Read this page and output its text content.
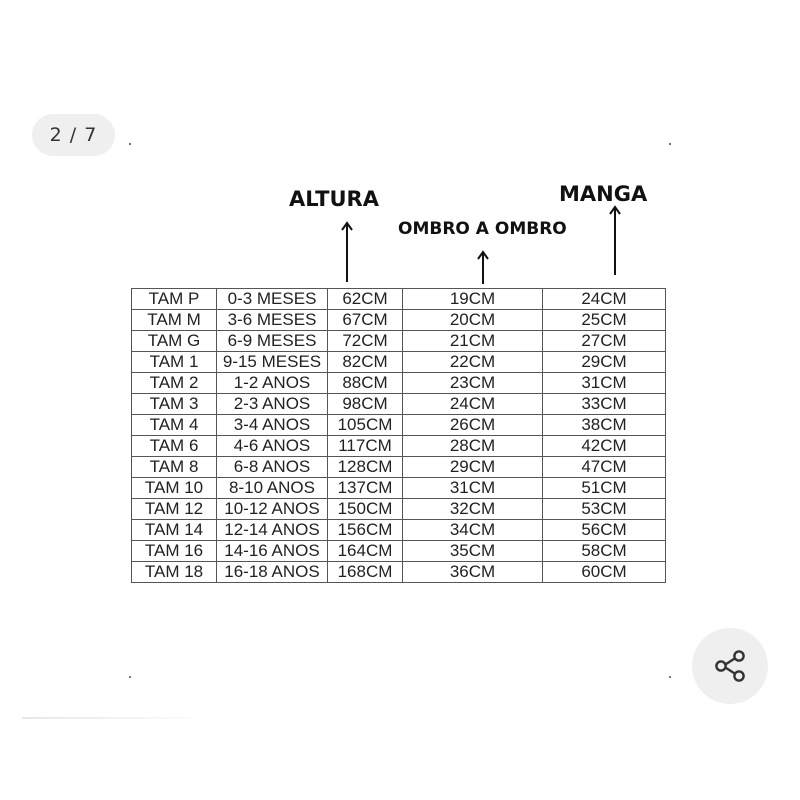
2 / 7
ALTURA
OMBRO A OMBRO
MANGA
TAM P	0-3 MESES	62CM	19CM	24CM
TAM M	3-6 MESES	67CM	20CM	25CM
TAM G	6-9 MESES	72CM	21CM	27CM
TAM 1	9-15 MESES	82CM	22CM	29CM
TAM 2	1-2 ANOS	88CM	23CM	31CM
TAM 3	2-3 ANOS	98CM	24CM	33CM
TAM 4	3-4 ANOS	105CM	26CM	38CM
TAM 6	4-6 ANOS	117CM	28CM	42CM
TAM 8	6-8 ANOS	128CM	29CM	47CM
TAM 10	8-10 ANOS	137CM	31CM	51CM
TAM 12	10-12 ANOS	150CM	32CM	53CM
TAM 14	12-14 ANOS	156CM	34CM	56CM
TAM 16	14-16 ANOS	164CM	35CM	58CM
TAM 18	16-18 ANOS	168CM	36CM	60CM
